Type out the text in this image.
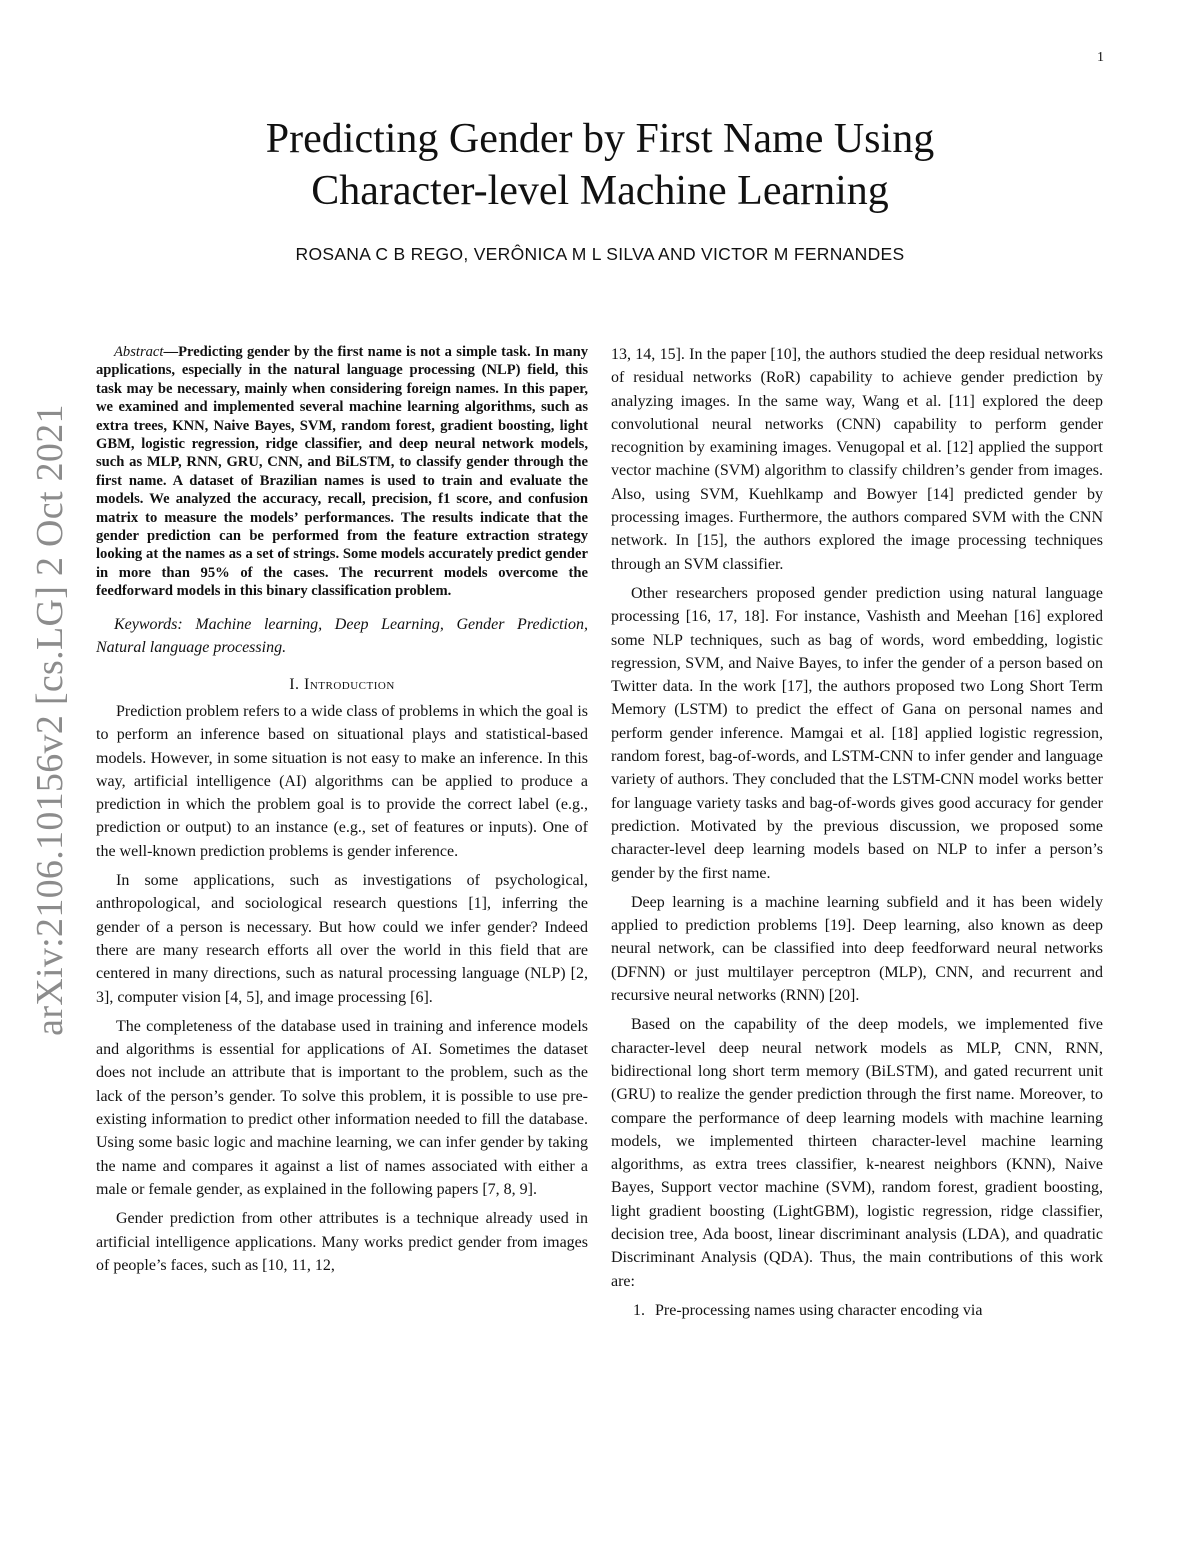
1
arXiv:2106.10156v2 [cs.LG] 2 Oct 2021
Predicting Gender by First Name Using
Character-level Machine Learning
ROSANA C B REGO, VERÔNICA M L SILVA AND VICTOR M FERNANDES

Abstract—Predicting gender by the first name is not a simple task. In many applications, especially in the natural language processing (NLP) field, this task may be necessary, mainly when considering foreign names. In this paper, we examined and implemented several machine learning algorithms, such as extra trees, KNN, Naive Bayes, SVM, random forest, gradient boosting, light GBM, logistic regression, ridge classifier, and deep neural network models, such as MLP, RNN, GRU, CNN, and BiLSTM, to classify gender through the first name. A dataset of Brazilian names is used to train and evaluate the models. We analyzed the accuracy, recall, precision, f1 score, and confusion matrix to measure the models’ performances. The results indicate that the gender prediction can be performed from the feature extraction strategy looking at the names as a set of strings. Some models accurately predict gender in more than 95% of the cases. The recurrent models overcome the feedforward models in this binary classification problem.

Keywords: Machine learning, Deep Learning, Gender Prediction, Natural language processing.

I. Introduction

Prediction problem refers to a wide class of problems in which the goal is to perform an inference based on situational plays and statistical-based models. However, in some situation is not easy to make an inference. In this way, artificial intelligence (AI) algorithms can be applied to produce a prediction in which the problem goal is to provide the correct label (e.g., prediction or output) to an instance (e.g., set of features or inputs). One of the well-known prediction problems is gender inference.

In some applications, such as investigations of psychological, anthropological, and sociological research questions [1], inferring the gender of a person is necessary. But how could we infer gender? Indeed there are many research efforts all over the world in this field that are centered in many directions, such as natural processing language (NLP) [2, 3], computer vision [4, 5], and image processing [6].

The completeness of the database used in training and inference models and algorithms is essential for applications of AI. Sometimes the dataset does not include an attribute that is important to the problem, such as the lack of the person’s gender. To solve this problem, it is possible to use pre-existing information to predict other information needed to fill the database. Using some basic logic and machine learning, we can infer gender by taking the name and compares it against a list of names associated with either a male or female gender, as explained in the following papers [7, 8, 9].

Gender prediction from other attributes is a technique already used in artificial intelligence applications. Many works predict gender from images of people’s faces, such as [10, 11, 12,

13, 14, 15]. In the paper [10], the authors studied the deep residual networks of residual networks (RoR) capability to achieve gender prediction by analyzing images. In the same way, Wang et al. [11] explored the deep convolutional neural networks (CNN) capability to perform gender recognition by examining images. Venugopal et al. [12] applied the support vector machine (SVM) algorithm to classify children’s gender from images. Also, using SVM, Kuehlkamp and Bowyer [14] predicted gender by processing images. Furthermore, the authors compared SVM with the CNN network. In [15], the authors explored the image processing techniques through an SVM classifier.

Other researchers proposed gender prediction using natural language processing [16, 17, 18]. For instance, Vashisth and Meehan [16] explored some NLP techniques, such as bag of words, word embedding, logistic regression, SVM, and Naive Bayes, to infer the gender of a person based on Twitter data. In the work [17], the authors proposed two Long Short Term Memory (LSTM) to predict the effect of Gana on personal names and perform gender inference. Mamgai et al. [18] applied logistic regression, random forest, bag-of-words, and LSTM-CNN to infer gender and language variety of authors. They concluded that the LSTM-CNN model works better for language variety tasks and bag-of-words gives good accuracy for gender prediction. Motivated by the previous discussion, we proposed some character-level deep learning models based on NLP to infer a person’s gender by the first name.

Deep learning is a machine learning subfield and it has been widely applied to prediction problems [19]. Deep learning, also known as deep neural network, can be classified into deep feedforward neural networks (DFNN) or just multilayer perceptron (MLP), CNN, and recurrent and recursive neural networks (RNN) [20].

Based on the capability of the deep models, we implemented five character-level deep neural network models as MLP, CNN, RNN, bidirectional long short term memory (BiLSTM), and gated recurrent unit (GRU) to realize the gender prediction through the first name. Moreover, to compare the performance of deep learning models with machine learning models, we implemented thirteen character-level machine learning algorithms, as extra trees classifier, k-nearest neighbors (KNN), Naive Bayes, Support vector machine (SVM), random forest, gradient boosting, light gradient boosting (LightGBM), logistic regression, ridge classifier, decision tree, Ada boost, linear discriminant analysis (LDA), and quadratic Discriminant Analysis (QDA). Thus, the main contributions of this work are:

1. Pre-processing names using character encoding via
